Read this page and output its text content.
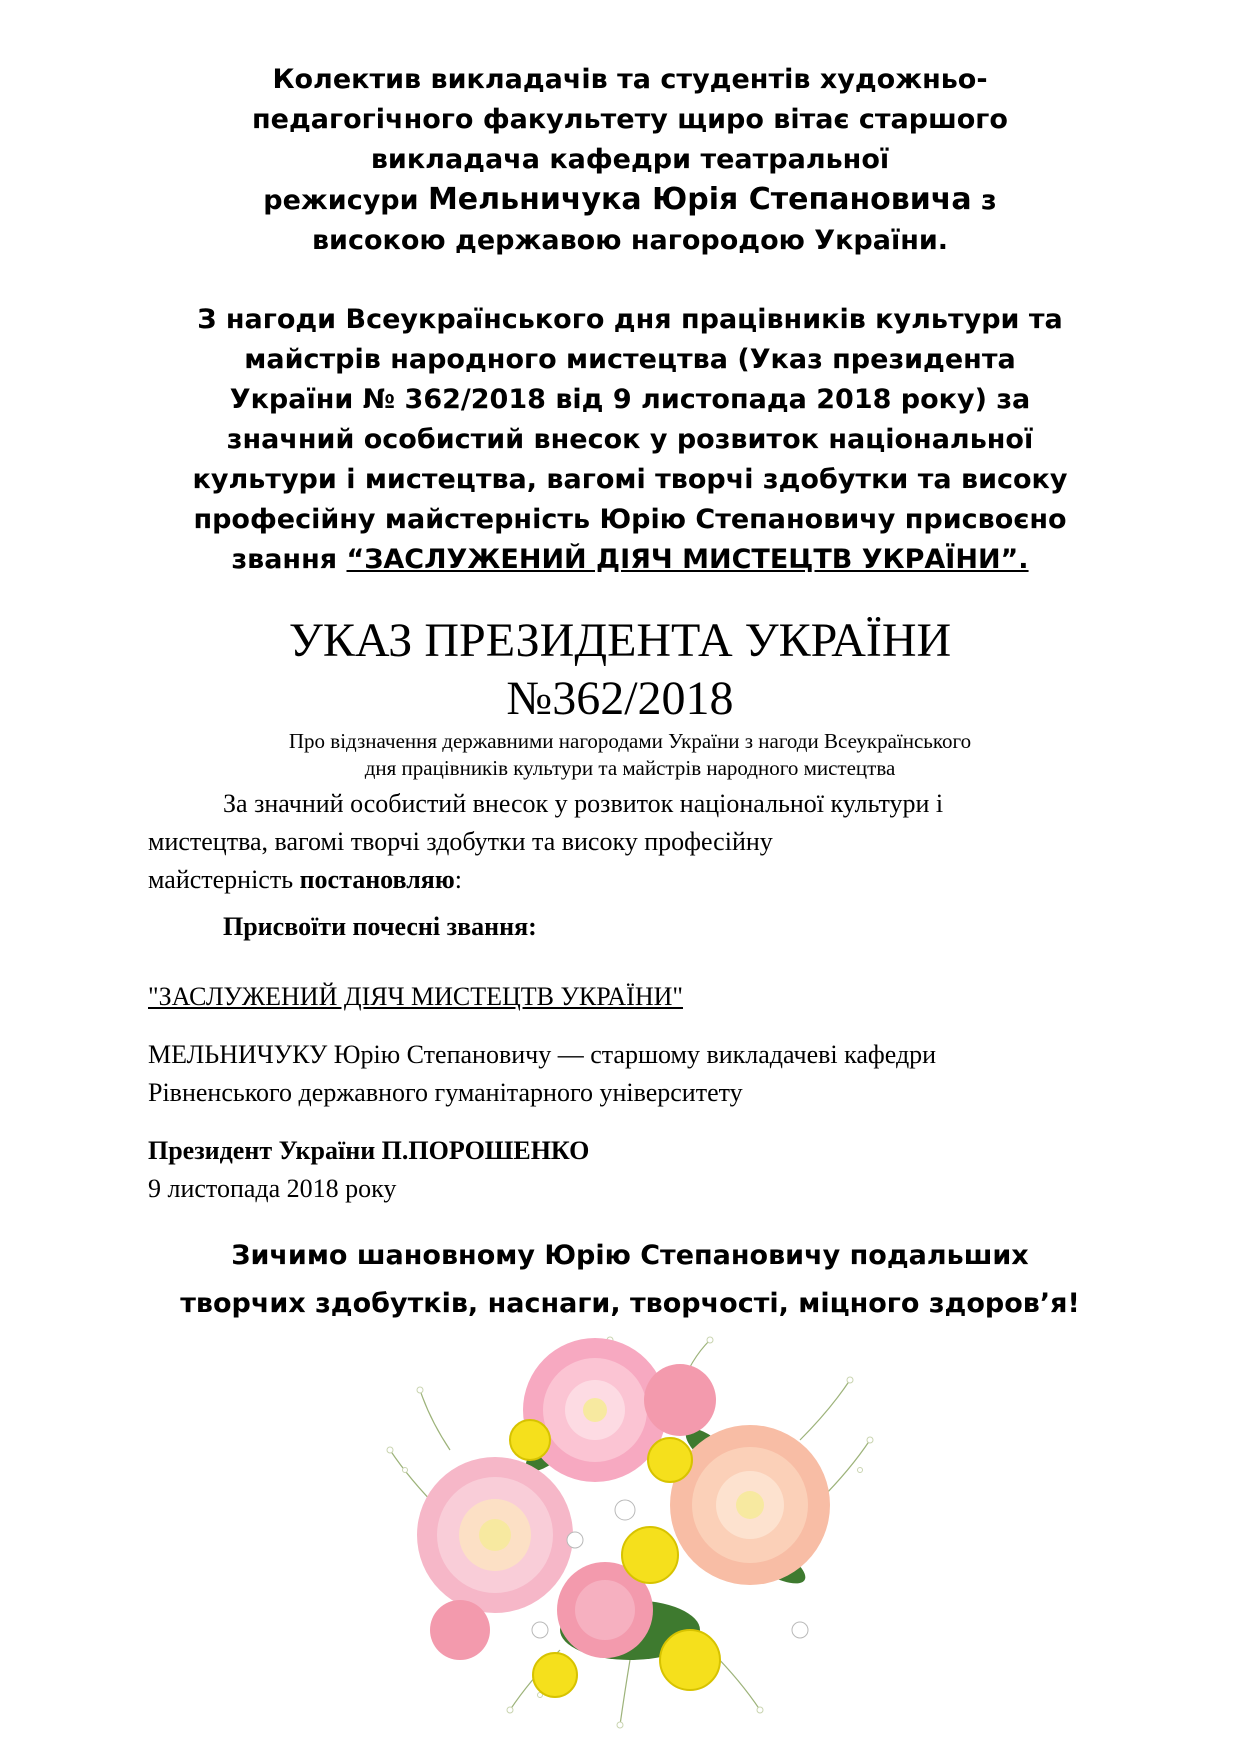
Колектив викладачів та студентів художньо-
педагогічного факультету щиро вітає старшого
викладача кафедри театральної
режисури Мельничука Юрія Степановича з
високою державою нагородою України.
З нагоди Всеукраїнського дня працівників культури та
майстрів народного мистецтва (Указ президента
України № 362/2018 від 9 листопада 2018 року) за
значний особистий внесок у розвиток національної
культури і мистецтва, вагомі творчі здобутки та високу
професійну майстерність Юрію Степановичу присвоєно
звання “ЗАСЛУЖЕНИЙ ДІЯЧ МИСТЕЦТВ УКРАЇНИ”.
УКАЗ ПРЕЗИДЕНТА УКРАЇНИ
№362/2018
Про відзначення державними нагородами України з нагоди Всеукраїнського
дня працівників культури та майстрів народного мистецтва
За значний особистий внесок у розвиток національної культури і
мистецтва, вагомі творчі здобутки та високу професійну
майстерність постановляю:
Присвоїти почесні звання:
"ЗАСЛУЖЕНИЙ ДІЯЧ МИСТЕЦТВ УКРАЇНИ"
МЕЛЬНИЧУКУ Юрію Степановичу — старшому викладачеві кафедри
Рівненського державного гуманітарного університету
Президент України П.ПОРОШЕНКО
9 листопада 2018 року
Зичимо шановному Юрію Степановичу подальших
творчих здобутків, наснаги, творчості, міцного здоров’я!
